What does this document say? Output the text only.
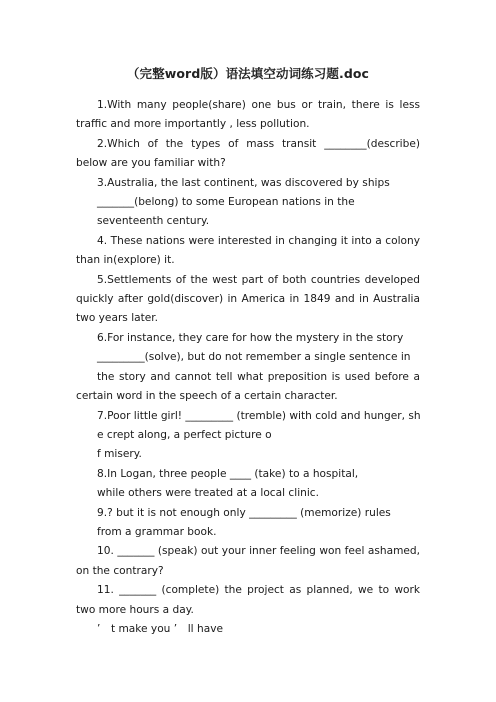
（完整word版）语法填空动词练习题.doc

1.With many people(share) one bus or train, there is less traffic and more importantly , less pollution.

2.Which of the types of mass transit ________(describe) below are you familiar with?

3.Australia, the last continent, was discovered by ships
_______(belong) to some European nations in the
seventeenth century.

4. These nations were interested in changing it into a colony than in(explore) it.

5.Settlements of the west part of both countries developed quickly after gold(discover) in America in 1849 and in Australia two years later.

6.For instance, they care for how the mystery in the story
_________(solve), but do not remember a single sentence in

the story and cannot tell what preposition is used before a certain word in the speech of a certain character.

7.Poor little girl! _________ (tremble) with cold and hunger, sh
e crept along, a perfect picture o
f misery.
8.In Logan, three people ____ (take) to a hospital,
while others were treated at a local clinic.
9.? but it is not enough only _________ (memorize) rules
from a grammar book.

10. _______ (speak) out your inner feeling won feel ashamed, on the contrary?

11. _______ (complete) the project as planned, we to work two more hours a day.

’　t make you ’　ll have
